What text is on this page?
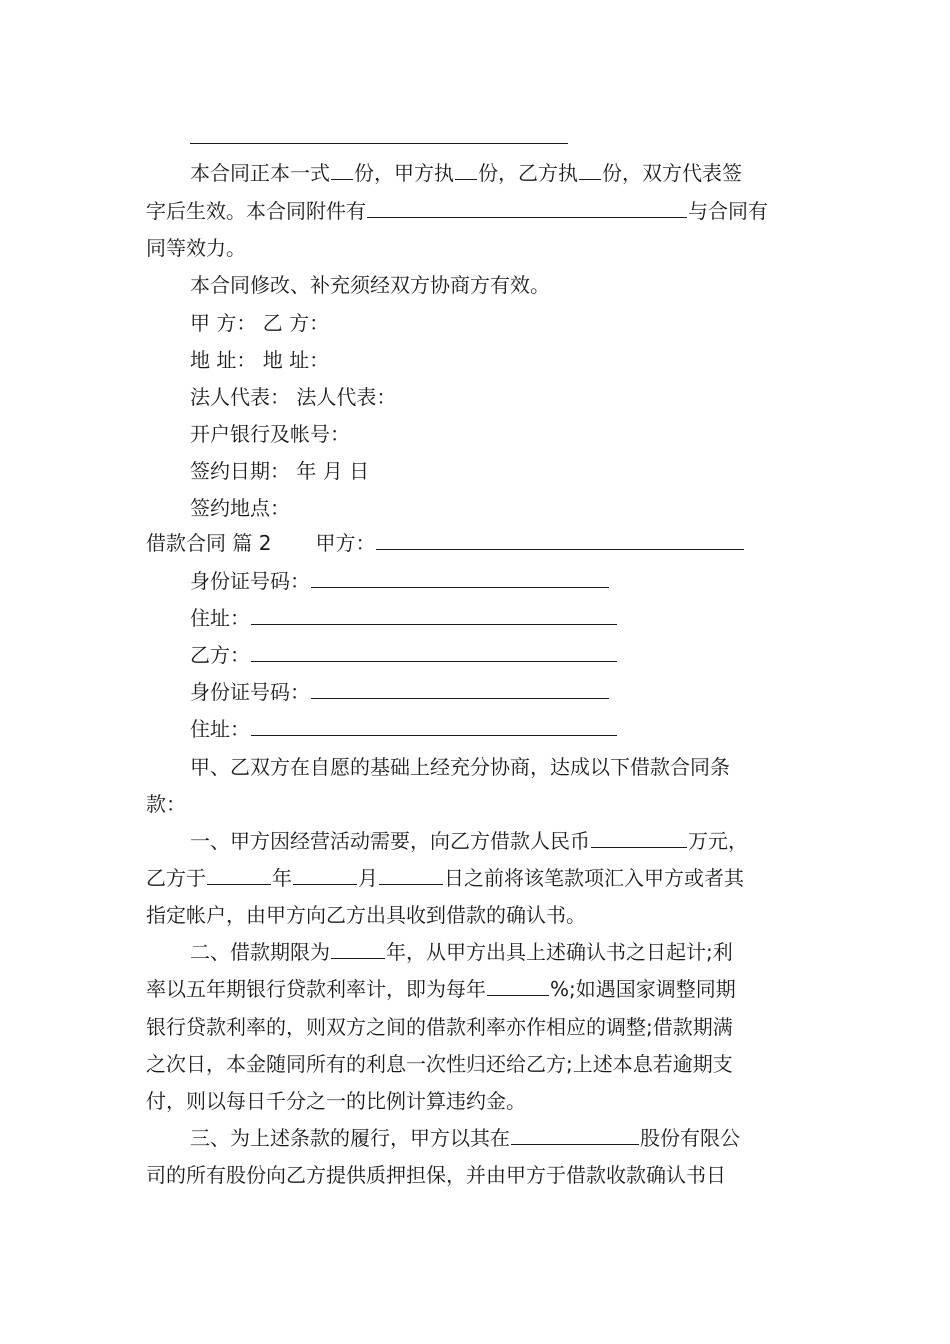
本合同正本一式 份，甲方执 份，乙方执 份，双方代表签
字后生效。本合同附件有	与合同有
同等效力。
本合同修改、补充须经双方协商方有效。
甲 方： 乙 方：
地 址： 地 址：
法人代表： 法人代表：
开户银行及帐号：
签约日期： 年 月 日
签约地点：
借款合同 篇 2 甲方：
身份证号码：
住址：
乙方：
身份证号码：
住址：
甲、乙双方在自愿的基础上经充分协商，达成以下借款合同条
款：
一、甲方因经营活动需要，向乙方借款人民币	万元，
乙方于	年	月	日之前将该笔款项汇入甲方或者其
指定帐户，由甲方向乙方出具收到借款的确认书。
二、借款期限为	年，从甲方出具上述确认书之日起计;利
率以五年期银行贷款利率计，即为每年	%;如遇国家调整同期
银行贷款利率的，则双方之间的借款利率亦作相应的调整;借款期满
之次日，本金随同所有的利息一次性归还给乙方;上述本息若逾期支
付，则以每日千分之一的比例计算违约金。
三、为上述条款的履行，甲方以其在	股份有限公
司的所有股份向乙方提供质押担保，并由甲方于借款收款确认书日
